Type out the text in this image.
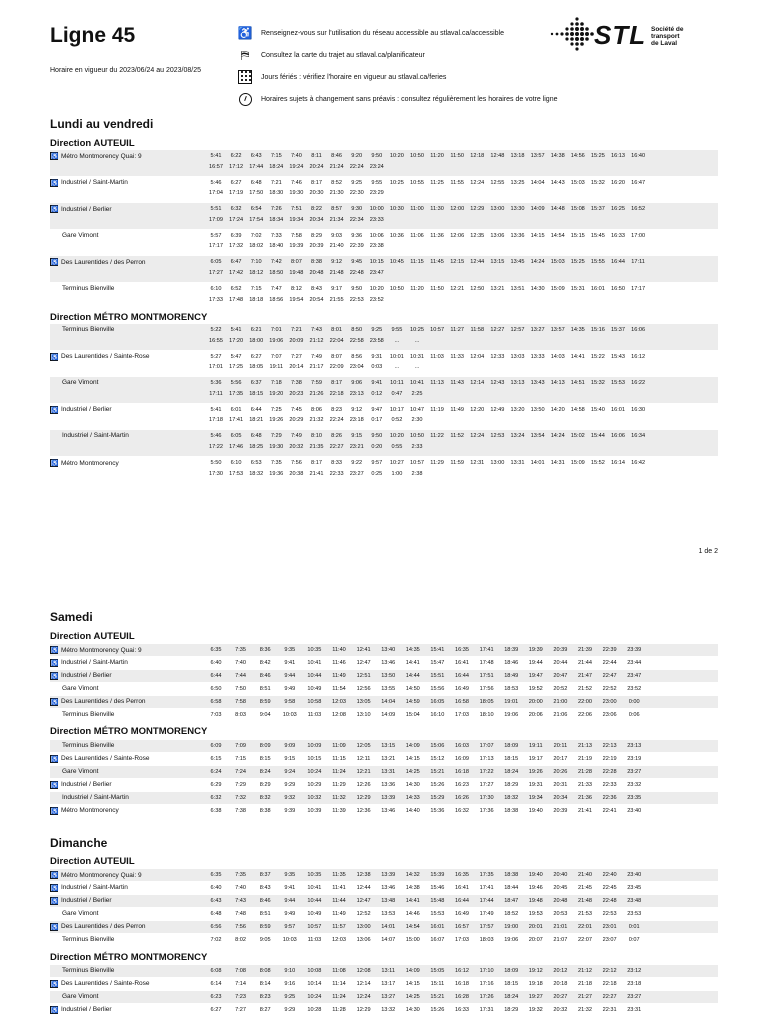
Ligne 45
Horaire en vigueur du 2023/06/24 au 2023/08/25
♿ Renseignez-vous sur l'utilisation du réseau accessible au stlaval.ca/accessible
⛿	Consultez la carte du trajet au stlaval.ca/planificateur
Jours fériés : vérifiez l'horaire en vigueur au stlaval.ca/feries
Horaires sujets à changement sans préavis : consultez régulièrement les horaires de votre ligne
STL Société de
transport
de Laval
1 de 2
Lundi au vendredi
Direction AUTEUIL
♿ Métro Montmorency Quai: 9	5:41	6:22	6:43	7:15	7:40	8:11	8:46	9:20	9:50	10:20	10:50	11:20	11:50	12:18	12:48	13:18	13:57	14:38	14:56	15:25	16:13	16:40
16:57	17:12	17:44	18:24	19:24	20:24	21:24	22:24	23:24
♿ Industriel / Saint-Martin	5:46	6:27	6:48	7:21	7:46	8:17	8:52	9:25	9:55	10:25	10:55	11:25	11:55	12:24	12:55	13:25	14:04	14:43	15:03	15:32	16:20	16:47
17:04	17:19	17:50	18:30	19:30	20:30	21:30	22:30	23:29
♿ Industriel / Berlier	5:51	6:32	6:54	7:26	7:51	8:22	8:57	9:30	10:00	10:30	11:00	11:30	12:00	12:29	13:00	13:30	14:09	14:48	15:08	15:37	16:25	16:52
17:09	17:24	17:54	18:34	19:34	20:34	21:34	22:34	23:33
Gare Vimont	5:57	6:39	7:02	7:33	7:58	8:29	9:03	9:36	10:06	10:36	11:06	11:36	12:06	12:35	13:06	13:36	14:15	14:54	15:15	15:45	16:33	17:00
17:17	17:32	18:02	18:40	19:39	20:39	21:40	22:39	23:38
♿ Des Laurentides / des Perron	6:05	6:47	7:10	7:42	8:07	8:38	9:12	9:45	10:15	10:45	11:15	11:45	12:15	12:44	13:15	13:45	14:24	15:03	15:25	15:55	16:44	17:11
17:27	17:42	18:12	18:50	19:48	20:48	21:48	22:48	23:47
Terminus Bienville	6:10	6:52	7:15	7:47	8:12	8:43	9:17	9:50	10:20	10:50	11:20	11:50	12:21	12:50	13:21	13:51	14:30	15:09	15:31	16:01	16:50	17:17
17:33	17:48	18:18	18:56	19:54	20:54	21:55	22:53	23:52
Direction MÉTRO MONTMORENCY
Terminus Bienville	5:22	5:41	6:21	7:01	7:21	7:43	8:01	8:50	9:25	9:55	10:25	10:57	11:27	11:58	12:27	12:57	13:27	13:57	14:35	15:16	15:37	16:06
16:55	17:20	18:00	19:06	20:09	21:12	22:04	22:58	23:58	...	...
♿ Des Laurentides / Sainte-Rose	5:27	5:47	6:27	7:07	7:27	7:49	8:07	8:56	9:31	10:01	10:31	11:03	11:33	12:04	12:33	13:03	13:33	14:03	14:41	15:22	15:43	16:12
17:01	17:25	18:05	19:11	20:14	21:17	22:09	23:04	0:03	...	...
Gare Vimont	5:36	5:56	6:37	7:18	7:38	7:59	8:17	9:06	9:41	10:11	10:41	11:13	11:43	12:14	12:43	13:13	13:43	14:13	14:51	15:32	15:53	16:22
17:11	17:35	18:15	19:20	20:23	21:26	22:18	23:13	0:12	0:47	2:25
♿ Industriel / Berlier	5:41	6:01	6:44	7:25	7:45	8:06	8:23	9:12	9:47	10:17	10:47	11:19	11:49	12:20	12:49	13:20	13:50	14:20	14:58	15:40	16:01	16:30
17:18	17:41	18:21	19:26	20:29	21:32	22:24	23:18	0:17	0:52	2:30
Industriel / Saint-Martin	5:46	6:05	6:48	7:29	7:49	8:10	8:26	9:15	9:50	10:20	10:50	11:22	11:52	12:24	12:53	13:24	13:54	14:24	15:02	15:44	16:06	16:34
17:22	17:46	18:25	19:30	20:32	21:35	22:27	23:21	0:20	0:55	2:33
♿ Métro Montmorency	5:50	6:10	6:53	7:35	7:56	8:17	8:33	9:22	9:57	10:27	10:57	11:29	11:59	12:31	13:00	13:31	14:01	14:31	15:09	15:52	16:14	16:42
17:30	17:53	18:32	19:36	20:38	21:41	22:33	23:27	0:25	1:00	2:38
Samedi
Direction AUTEUIL
♿ Métro Montmorency Quai: 9	6:35	7:35	8:36	9:35	10:35	11:40	12:41	13:40	14:35	15:41	16:35	17:41	18:39	19:39	20:39	21:39	22:39	23:39
♿ Industriel / Saint-Martin	6:40	7:40	8:42	9:41	10:41	11:46	12:47	13:46	14:41	15:47	16:41	17:48	18:46	19:44	20:44	21:44	22:44	23:44
♿ Industriel / Berlier	6:44	7:44	8:46	9:44	10:44	11:49	12:51	13:50	14:44	15:51	16:44	17:51	18:49	19:47	20:47	21:47	22:47	23:47
Gare Vimont	6:50	7:50	8:51	9:49	10:49	11:54	12:56	13:55	14:50	15:56	16:49	17:56	18:53	19:52	20:52	21:52	22:52	23:52
♿ Des Laurentides / des Perron	6:58	7:58	8:59	9:58	10:58	12:03	13:05	14:04	14:59	16:05	16:58	18:05	19:01	20:00	21:00	22:00	23:00	0:00
Terminus Bienville	7:03	8:03	9:04	10:03	11:03	12:08	13:10	14:09	15:04	16:10	17:03	18:10	19:06	20:06	21:06	22:06	23:06	0:06
Direction MÉTRO MONTMORENCY
Terminus Bienville	6:09	7:09	8:09	9:09	10:09	11:09	12:05	13:15	14:09	15:06	16:03	17:07	18:09	19:11	20:11	21:13	22:13	23:13
♿ Des Laurentides / Sainte-Rose	6:15	7:15	8:15	9:15	10:15	11:15	12:11	13:21	14:15	15:12	16:09	17:13	18:15	19:17	20:17	21:19	22:19	23:19
Gare Vimont	6:24	7:24	8:24	9:24	10:24	11:24	12:21	13:31	14:25	15:21	16:18	17:22	18:24	19:26	20:26	21:28	22:28	23:27
♿ Industriel / Berlier	6:29	7:29	8:29	9:29	10:29	11:29	12:26	13:36	14:30	15:26	16:23	17:27	18:29	19:31	20:31	21:33	22:33	23:32
Industriel / Saint-Martin	6:32	7:32	8:32	9:32	10:32	11:32	12:29	13:39	14:33	15:29	16:26	17:30	18:32	19:34	20:34	21:36	22:36	23:35
♿ Métro Montmorency	6:38	7:38	8:38	9:39	10:39	11:39	12:36	13:46	14:40	15:36	16:32	17:36	18:38	19:40	20:39	21:41	22:41	23:40
Dimanche
Direction AUTEUIL
♿ Métro Montmorency Quai: 9	6:35	7:35	8:37	9:35	10:35	11:35	12:38	13:39	14:32	15:39	16:35	17:35	18:38	19:40	20:40	21:40	22:40	23:40
♿ Industriel / Saint-Martin	6:40	7:40	8:43	9:41	10:41	11:41	12:44	13:46	14:38	15:46	16:41	17:41	18:44	19:46	20:45	21:45	22:45	23:45
♿ Industriel / Berlier	6:43	7:43	8:46	9:44	10:44	11:44	12:47	13:48	14:41	15:48	16:44	17:44	18:47	19:48	20:48	21:48	22:48	23:48
Gare Vimont	6:48	7:48	8:51	9:49	10:49	11:49	12:52	13:53	14:46	15:53	16:49	17:49	18:52	19:53	20:53	21:53	22:53	23:53
♿ Des Laurentides / des Perron	6:56	7:56	8:59	9:57	10:57	11:57	13:00	14:01	14:54	16:01	16:57	17:57	19:00	20:01	21:01	22:01	23:01	0:01
Terminus Bienville	7:02	8:02	9:05	10:03	11:03	12:03	13:06	14:07	15:00	16:07	17:03	18:03	19:06	20:07	21:07	22:07	23:07	0:07
Direction MÉTRO MONTMORENCY
Terminus Bienville	6:08	7:08	8:08	9:10	10:08	11:08	12:08	13:11	14:09	15:05	16:12	17:10	18:09	19:12	20:12	21:12	22:12	23:12
♿ Des Laurentides / Sainte-Rose	6:14	7:14	8:14	9:16	10:14	11:14	12:14	13:17	14:15	15:11	16:18	17:16	18:15	19:18	20:18	21:18	22:18	23:18
Gare Vimont	6:23	7:23	8:23	9:25	10:24	11:24	12:24	13:27	14:25	15:21	16:28	17:26	18:24	19:27	20:27	21:27	22:27	23:27
♿ Industriel / Berlier	6:27	7:27	8:27	9:29	10:28	11:28	12:29	13:32	14:30	15:26	16:33	17:31	18:29	19:32	20:32	21:32	22:31	23:31
